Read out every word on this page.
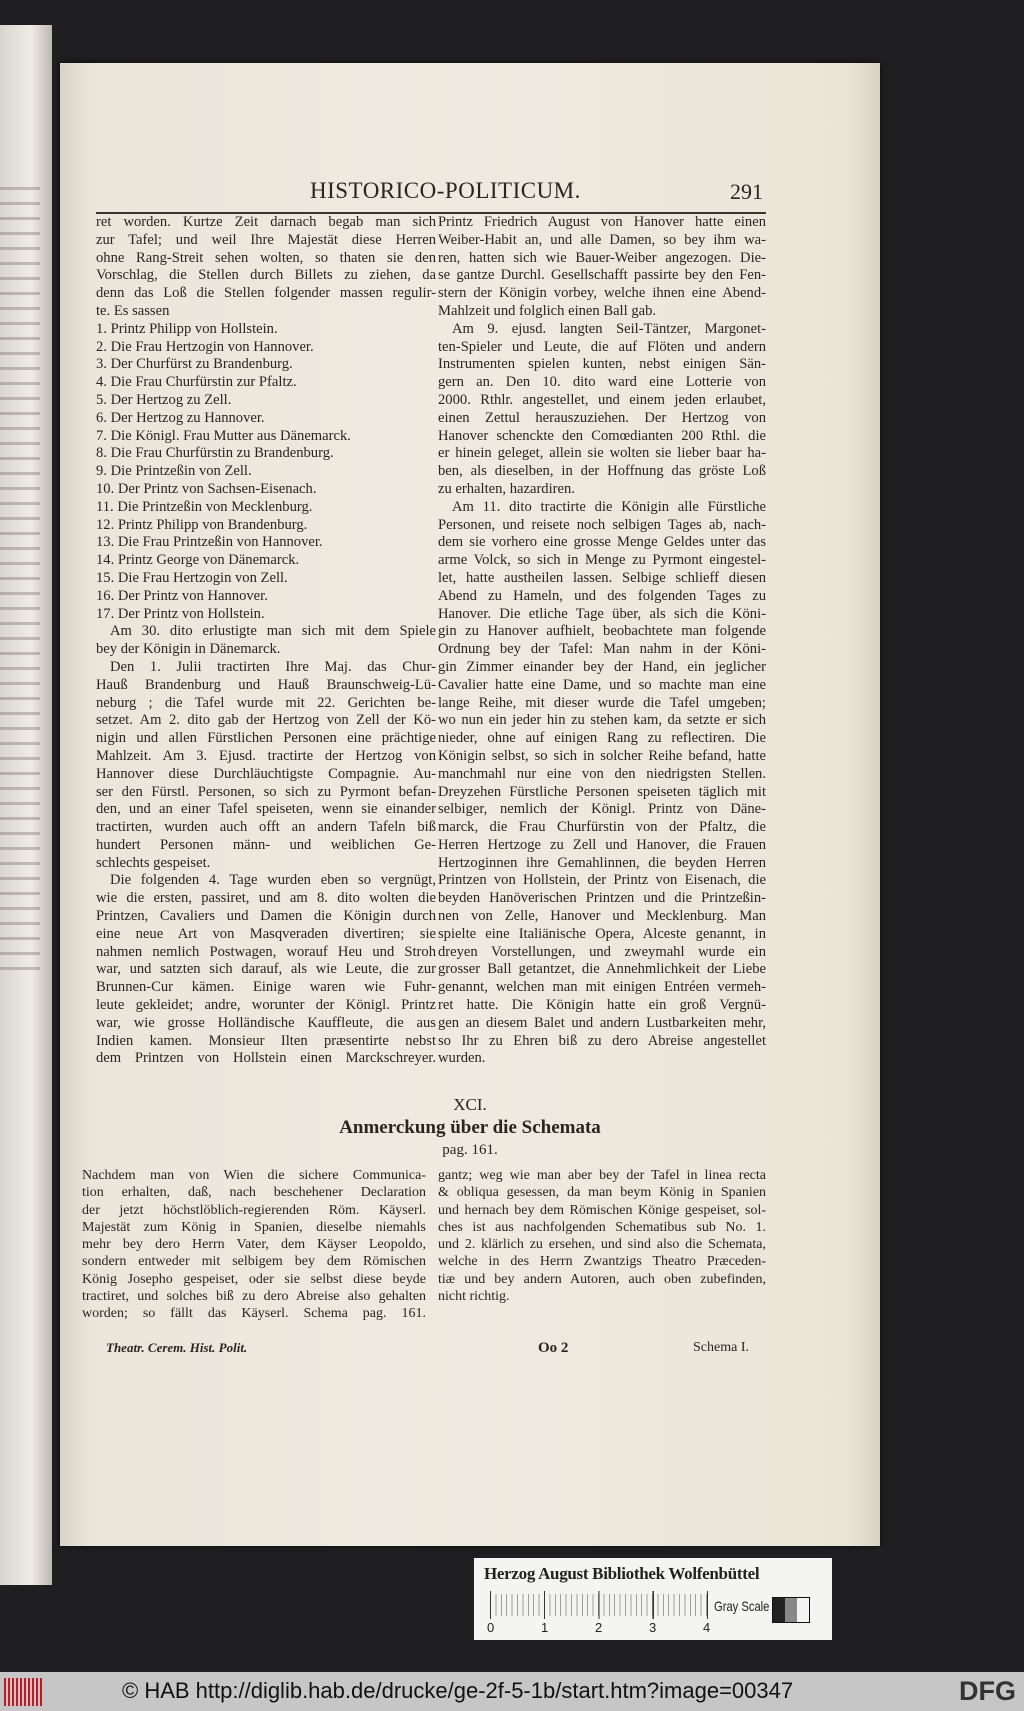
HISTORICO-POLITICUM.	291
ret worden. Kurtze Zeit darnach begab man sich
zur Tafel; und weil Ihre Majestät diese Herren
ohne Rang-Streit sehen wolten, so thaten sie den
Vorschlag, die Stellen durch Billets zu ziehen, da
denn das Loß die Stellen folgender massen regulir-
te. Es sassen
1. Printz Philipp von Hollstein.
2. Die Frau Hertzogin von Hannover.
3. Der Churfürst zu Brandenburg.
4. Die Frau Churfürstin zur Pfaltz.
5. Der Hertzog zu Zell.
6. Der Hertzog zu Hannover.
7. Die Königl. Frau Mutter aus Dänemarck.
8. Die Frau Churfürstin zu Brandenburg.
9. Die Printzeßin von Zell.
10. Der Printz von Sachsen-Eisenach.
11. Die Printzeßin von Mecklenburg.
12. Printz Philipp von Brandenburg.
13. Die Frau Printzeßin von Hannover.
14. Printz George von Dänemarck.
15. Die Frau Hertzogin von Zell.
16. Der Printz von Hannover.
17. Der Printz von Hollstein.
Am 30. dito erlustigte man sich mit dem Spiele
bey der Königin in Dänemarck.
Den 1. Julii tractirten Ihre Maj. das Chur-
Hauß Brandenburg und Hauß Braunschweig-Lü-
neburg ; die Tafel wurde mit 22. Gerichten be-
setzet. Am 2. dito gab der Hertzog von Zell der Kö-
nigin und allen Fürstlichen Personen eine prächtige
Mahlzeit. Am 3. Ejusd. tractirte der Hertzog von
Hannover diese Durchläuchtigste Compagnie. Au-
ser den Fürstl. Personen, so sich zu Pyrmont befan-
den, und an einer Tafel speiseten, wenn sie einander
tractirten, wurden auch offt an andern Tafeln biß
hundert Personen männ- und weiblichen Ge-
schlechts gespeiset.
Die folgenden 4. Tage wurden eben so vergnügt,
wie die ersten, passiret, und am 8. dito wolten die
Printzen, Cavaliers und Damen die Königin durch
eine neue Art von Masqveraden divertiren; sie
nahmen nemlich Postwagen, worauf Heu und Stroh
war, und satzten sich darauf, als wie Leute, die zur
Brunnen-Cur kämen. Einige waren wie Fuhr-
leute gekleidet; andre, worunter der Königl. Printz
war, wie grosse Holländische Kauffleute, die aus
Indien kamen. Monsieur Ilten præsentirte nebst
dem Printzen von Hollstein einen Marckschreyer.
Printz Friedrich August von Hanover hatte einen
Weiber-Habit an, und alle Damen, so bey ihm wa-
ren, hatten sich wie Bauer-Weiber angezogen. Die-
se gantze Durchl. Gesellschafft passirte bey den Fen-
stern der Königin vorbey, welche ihnen eine Abend-
Mahlzeit und folglich einen Ball gab.
Am 9. ejusd. langten Seil-Täntzer, Margonet-
ten-Spieler und Leute, die auf Flöten und andern
Instrumenten spielen kunten, nebst einigen Sän-
gern an. Den 10. dito ward eine Lotterie von
2000. Rthlr. angestellet, und einem jeden erlaubet,
einen Zettul herauszuziehen. Der Hertzog von
Hanover schenckte den Comœdianten 200 Rthl. die
er hinein geleget, allein sie wolten sie lieber baar ha-
ben, als dieselben, in der Hoffnung das gröste Loß
zu erhalten, hazardiren.
Am 11. dito tractirte die Königin alle Fürstliche
Personen, und reisete noch selbigen Tages ab, nach-
dem sie vorhero eine grosse Menge Geldes unter das
arme Volck, so sich in Menge zu Pyrmont eingestel-
let, hatte austheilen lassen. Selbige schlieff diesen
Abend zu Hameln, und des folgenden Tages zu
Hanover. Die etliche Tage über, als sich die Köni-
gin zu Hanover aufhielt, beobachtete man folgende
Ordnung bey der Tafel: Man nahm in der Köni-
gin Zimmer einander bey der Hand, ein jeglicher
Cavalier hatte eine Dame, und so machte man eine
lange Reihe, mit dieser wurde die Tafel umgeben;
wo nun ein jeder hin zu stehen kam, da setzte er sich
nieder, ohne auf einigen Rang zu reflectiren. Die
Königin selbst, so sich in solcher Reihe befand, hatte
manchmahl nur eine von den niedrigsten Stellen.
Dreyzehen Fürstliche Personen speiseten täglich mit
selbiger, nemlich der Königl. Printz von Däne-
marck, die Frau Churfürstin von der Pfaltz, die
Herren Hertzoge zu Zell und Hanover, die Frauen
Hertzoginnen ihre Gemahlinnen, die beyden Herren
Printzen von Hollstein, der Printz von Eisenach, die
beyden Hanöverischen Printzen und die Printzeßin-
nen von Zelle, Hanover und Mecklenburg. Man
spielte eine Italiänische Opera, Alceste genannt, in
dreyen Vorstellungen, und zweymahl wurde ein
grosser Ball getantzet, die Annehmlichkeit der Liebe
genannt, welchen man mit einigen Entréen vermeh-
ret hatte. Die Königin hatte ein groß Vergnü-
gen an diesem Balet und andern Lustbarkeiten mehr,
so Ihr zu Ehren biß zu dero Abreise angestellet
wurden.
XCI.
Anmerckung über die Schemata
pag. 161.
Nachdem man von Wien die sichere Communica-
tion erhalten, daß, nach beschehener Declaration
der jetzt höchstlöblich-regierenden Röm. Käyserl.
Majestät zum König in Spanien, dieselbe niemahls
mehr bey dero Herrn Vater, dem Käyser Leopoldo,
sondern entweder mit selbigem bey dem Römischen
König Josepho gespeiset, oder sie selbst diese beyde
tractiret, und solches biß zu dero Abreise also gehalten
worden; so fällt das Käyserl. Schema pag. 161.
gantz; weg wie man aber bey der Tafel in linea recta
& obliqua gesessen, da man beym König in Spanien
und hernach bey dem Römischen Könige gespeiset, sol-
ches ist aus nachfolgenden Schematibus sub No. 1.
und 2. klärlich zu ersehen, und sind also die Schemata,
welche in des Herrn Zwantzigs Theatro Præceden-
tiæ und bey andern Autoren, auch oben zubefinden,
nicht richtig.
Theatr. Cerem. Hist. Polit.	Oo 2	Schema I.
Herzog August Bibliothek Wolfenbüttel
0	1	2	3	4
Gray Scale
© HAB http://diglib.hab.de/drucke/ge-2f-5-1b/start.htm?image=00347	DFG
